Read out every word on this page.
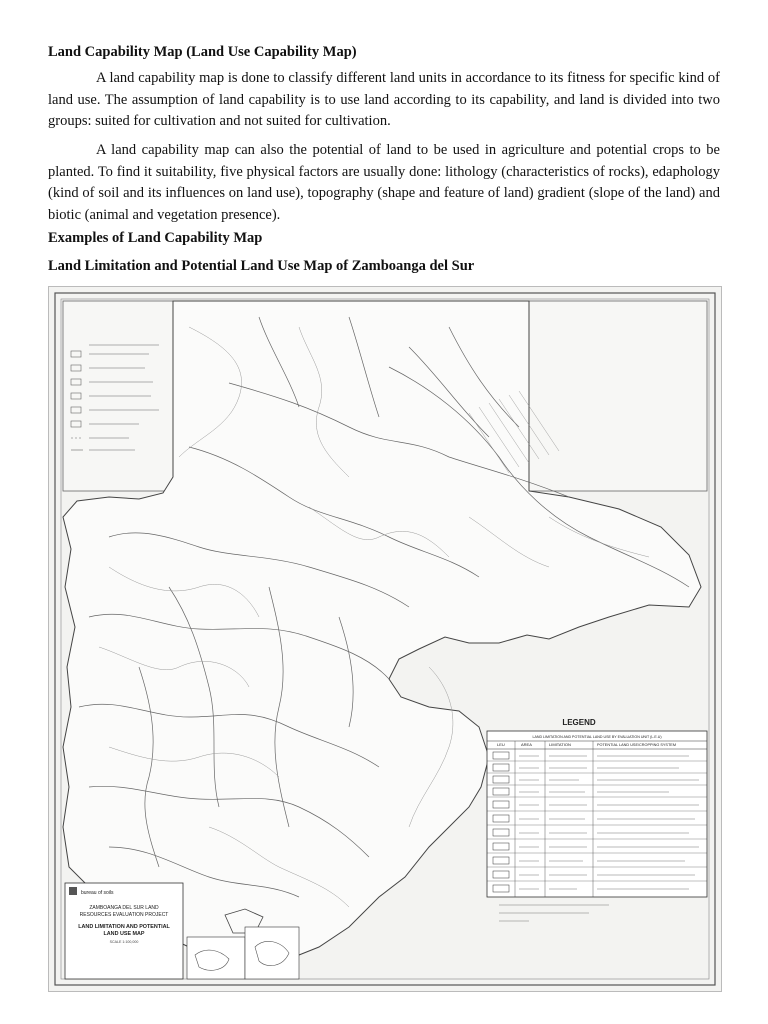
Land Capability Map (Land Use Capability Map)

A land capability map is done to classify different land units in accordance to its fitness for specific kind of land use. The assumption of land capability is to use land according to its capability, and land is divided into two groups: suited for cultivation and not suited for cultivation.

A land capability map can also the potential of land to be used in agriculture and potential crops to be planted. To find it suitability, five physical factors are usually done: lithology (characteristics of rocks), edaphology (kind of soil and its influences on land use), topography (shape and feature of land) gradient (slope of the land) and biotic (animal and vegetation presence).

Examples of Land Capability Map
Land Limitation and Potential Land Use Map of Zamboanga del Sur
LEGEND
LAND LIMITATION AND POTENTIAL LAND USE BY EVALUATION UNIT (L.E.U)
LEU	AREA	LIMITATION	POTENTIAL LAND USE/CROPPING SYSTEM
bureau of soils
ZAMBOANGA DEL SUR LAND
RESOURCES EVALUATION PROJECT
LAND LIMITATION AND POTENTIAL
LAND USE MAP
SCALE 1:100,000
